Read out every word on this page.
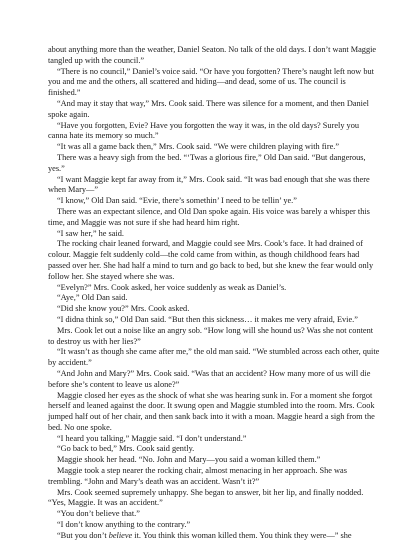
about anything more than the weather, Daniel Seaton. No talk of the old days. I don’t want Maggie tangled up with the council.”

“There is no council,” Daniel’s voice said. “Or have you forgotten? There’s naught left now but you and me and the others, all scattered and hiding—and dead, some of us. The council is finished.”

“And may it stay that way,” Mrs. Cook said. There was silence for a moment, and then Daniel spoke again.

“Have you forgotten, Evie? Have you forgotten the way it was, in the old days? Surely you canna hate its memory so much.”

“It was all a game back then,” Mrs. Cook said. “We were children playing with fire.”

There was a heavy sigh from the bed. “‘Twas a glorious fire,” Old Dan said. “But dangerous, yes.”

“I want Maggie kept far away from it,” Mrs. Cook said. “It was bad enough that she was there when Mary—”

“I know,” Old Dan said. “Evie, there’s somethin’ I need to be tellin’ ye.”

There was an expectant silence, and Old Dan spoke again. His voice was barely a whisper this time, and Maggie was not sure if she had heard him right.

“I saw her,” he said.

The rocking chair leaned forward, and Maggie could see Mrs. Cook’s face. It had drained of colour. Maggie felt suddenly cold—the cold came from within, as though childhood fears had passed over her. She had half a mind to turn and go back to bed, but she knew the fear would only follow her. She stayed where she was.

“Evelyn?” Mrs. Cook asked, her voice suddenly as weak as Daniel’s.

“Aye,” Old Dan said.

“Did she know you?” Mrs. Cook asked.

“I didna think so,” Old Dan said. “But then this sickness… it makes me very afraid, Evie.”

Mrs. Cook let out a noise like an angry sob. “How long will she hound us? Was she not content to destroy us with her lies?”

“It wasn’t as though she came after me,” the old man said. “We stumbled across each other, quite by accident.”

“And John and Mary?” Mrs. Cook said. “Was that an accident? How many more of us will die before she’s content to leave us alone?”

Maggie closed her eyes as the shock of what she was hearing sunk in. For a moment she forgot herself and leaned against the door. It swung open and Maggie stumbled into the room. Mrs. Cook jumped half out of her chair, and then sank back into it with a moan. Maggie heard a sigh from the bed. No one spoke.

“I heard you talking,” Maggie said. “I don’t understand.”

“Go back to bed,” Mrs. Cook said gently.

Maggie shook her head. “No. John and Mary—you said a woman killed them.”

Maggie took a step nearer the rocking chair, almost menacing in her approach. She was trembling. “John and Mary’s death was an accident. Wasn’t it?”

Mrs. Cook seemed supremely unhappy. She began to answer, bit her lip, and finally nodded. “Yes, Maggie. It was an accident.”

“You don’t believe that.”

“I don’t know anything to the contrary.”

“But you don’t believe it. You think this woman killed them. You think they were—” she
